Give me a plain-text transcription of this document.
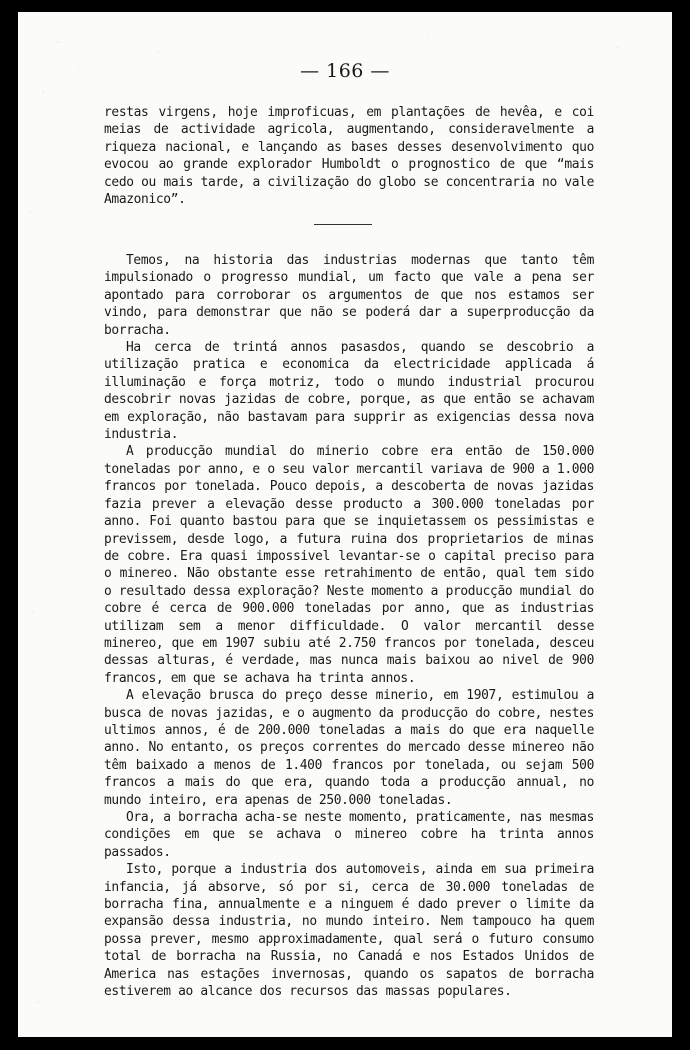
— 166 —

restas virgens, hoje improficuas, em plantações de hevêa, e coi meias de actividade agricola, augmentando, consideravelmente a riqueza nacional, e lançando as bases desses desenvolvimento quo evocou ao grande explorador Humboldt o prognostico de que “mais cedo ou mais tarde, a civilização do globo se concentraria no vale Amazonico”.

Temos, na historia das industrias modernas que tanto têm impulsionado o progresso mundial, um facto que vale a pena ser apontado para corroborar os argumentos de que nos estamos ser vindo, para demonstrar que não se poderá dar a superproducção da borracha.

Ha cerca de trintá annos pasasdos, quando se descobrio a utilização pratica e economica da electricidade applicada á illuminação e força motriz, todo o mundo industrial procurou descobrir novas jazidas de cobre, porque, as que então se achavam em exploração, não bastavam para supprir as exigencias dessa nova industria.

A producção mundial do minerio cobre era então de 150.000 toneladas por anno, e o seu valor mercantil variava de 900 a 1.000 francos por tonelada. Pouco depois, a descoberta de novas jazidas fazia prever a elevação desse producto a 300.000 toneladas por anno. Foi quanto bastou para que se inquietassem os pessimistas e previssem, desde logo, a futura ruina dos proprietarios de minas de cobre. Era quasi impossivel levantar-se o capital preciso para o minereo. Não obstante esse retrahimento de então, qual tem sido o resultado dessa exploração? Neste momento a producção mundial do cobre é cerca de 900.000 toneladas por anno, que as industrias utilizam sem a menor difficuldade. O valor mercantil desse minereo, que em 1907 subiu até 2.750 francos por tonelada, desceu dessas alturas, é verdade, mas nunca mais baixou ao nivel de 900 francos, em que se achava ha trinta annos.

A elevação brusca do preço desse minerio, em 1907, estimulou a busca de novas jazidas, e o augmento da producção do cobre, nestes ultimos annos, é de 200.000 toneladas a mais do que era naquelle anno. No entanto, os preços correntes do mercado desse minereo não têm baixado a menos de 1.400 francos por tonelada, ou sejam 500 francos a mais do que era, quando toda a producção annual, no mundo inteiro, era apenas de 250.000 toneladas.

Ora, a borracha acha-se neste momento, praticamente, nas mesmas condições em que se achava o minereo cobre ha trinta annos passados.

Isto, porque a industria dos automoveis, ainda em sua primeira infancia, já absorve, só por si, cerca de 30.000 toneladas de borracha fina, annualmente e a ninguem é dado prever o limite da expansão dessa industria, no mundo inteiro. Nem tampouco ha quem possa prever, mesmo approximadamente, qual será o futuro consumo total de borracha na Russia, no Canadá e nos Estados Unidos de America nas estações invernosas, quando os sapatos de borracha estiverem ao alcance dos recursos das massas populares.
